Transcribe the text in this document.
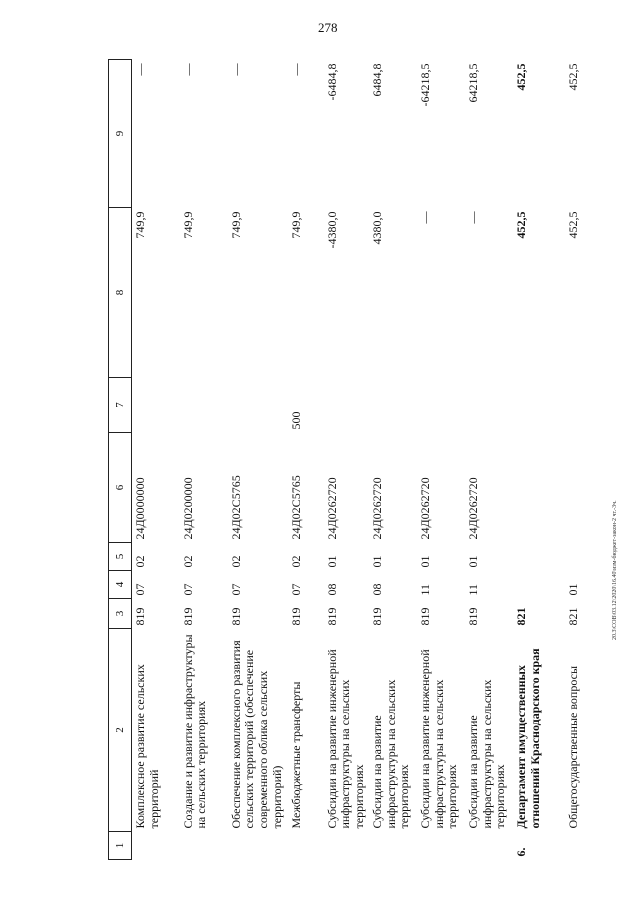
278
20.3\СОВ\03.12\2020\16.40\изм-бюджет-закон-2 чт.-3ч.
1	2	3	4	5	6	7	8	9
	Комплексное развитие сельских территорий	819	07	02	24Д0000000		749,9	—
	Создание и развитие инфраструктуры на сельских территориях	819	07	02	24Д0200000		749,9	—
	Обеспечение комплексного развития сельских территорий (обеспечение современного облика сельских территорий)	819	07	02	24Д02С5765		749,9	—
	Межбюджетные трансферты	819	07	02	24Д02С5765	500	749,9	—
	Субсидии на развитие инженерной инфраструктуры на сельских территориях	819	08	01	24Д0262720		-4380,0	-6484,8
	Субсидии на развитие инфраструктуры на сельских территориях	819	08	01	24Д0262720		4380,0	6484,8
	Субсидии на развитие инженерной инфраструктуры на сельских территориях	819	11	01	24Д0262720		—	-64218,5
	Субсидии на развитие инфраструктуры на сельских территориях	819	11	01	24Д0262720		—	64218,5
6.	Департамент имущественных отношений Краснодарского края	821					452,5	452,5
	Общегосударственные вопросы	821	01				452,5	452,5
